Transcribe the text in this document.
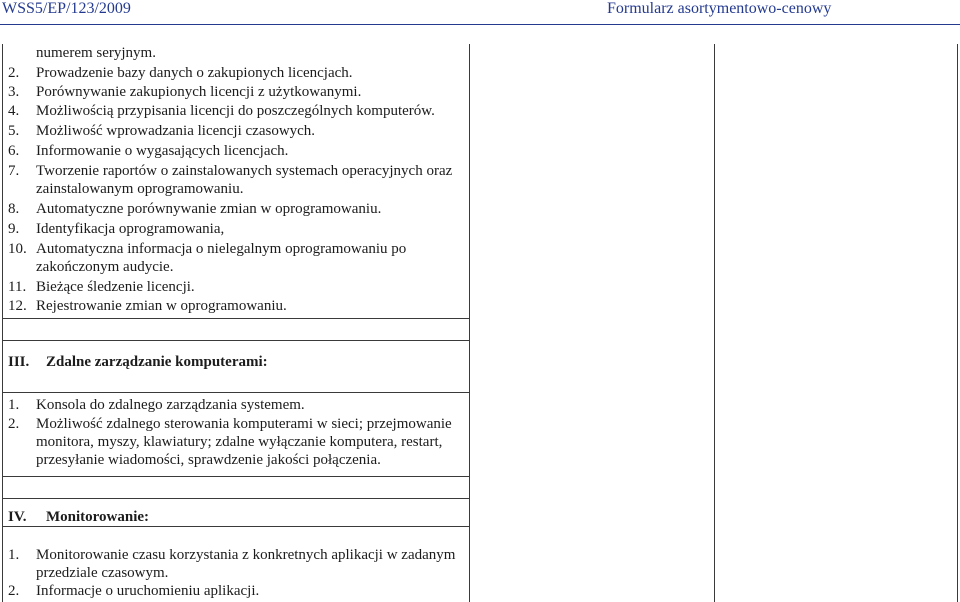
WSS5/EP/123/2009	Formularz asortymentowo-cenowy
numerem seryjnym.
2. Prowadzenie bazy danych o zakupionych licencjach.
3. Porównywanie zakupionych licencji z użytkowanymi.
4. Możliwością przypisania licencji do poszczególnych komputerów.
5. Możliwość wprowadzania licencji czasowych.
6. Informowanie o wygasających licencjach.
7. Tworzenie raportów o zainstalowanych systemach operacyjnych oraz
zainstalowanym oprogramowaniu.
8. Automatyczne porównywanie zmian w oprogramowaniu.
9. Identyfikacja oprogramowania,
10. Automatyczna informacja o nielegalnym oprogramowaniu po
zakończonym audycie.
11. Bieżące śledzenie licencji.
12. Rejestrowanie zmian w oprogramowaniu.
III. Zdalne zarządzanie komputerami:
1. Konsola do zdalnego zarządzania systemem.
2. Możliwość zdalnego sterowania komputerami w sieci; przejmowanie
monitora, myszy, klawiatury; zdalne wyłączanie komputera, restart,
przesyłanie wiadomości, sprawdzenie jakości połączenia.
IV. Monitorowanie:
1. Monitorowanie czasu korzystania z konkretnych aplikacji w zadanym
przedziale czasowym.
2. Informacje o uruchomieniu aplikacji.
